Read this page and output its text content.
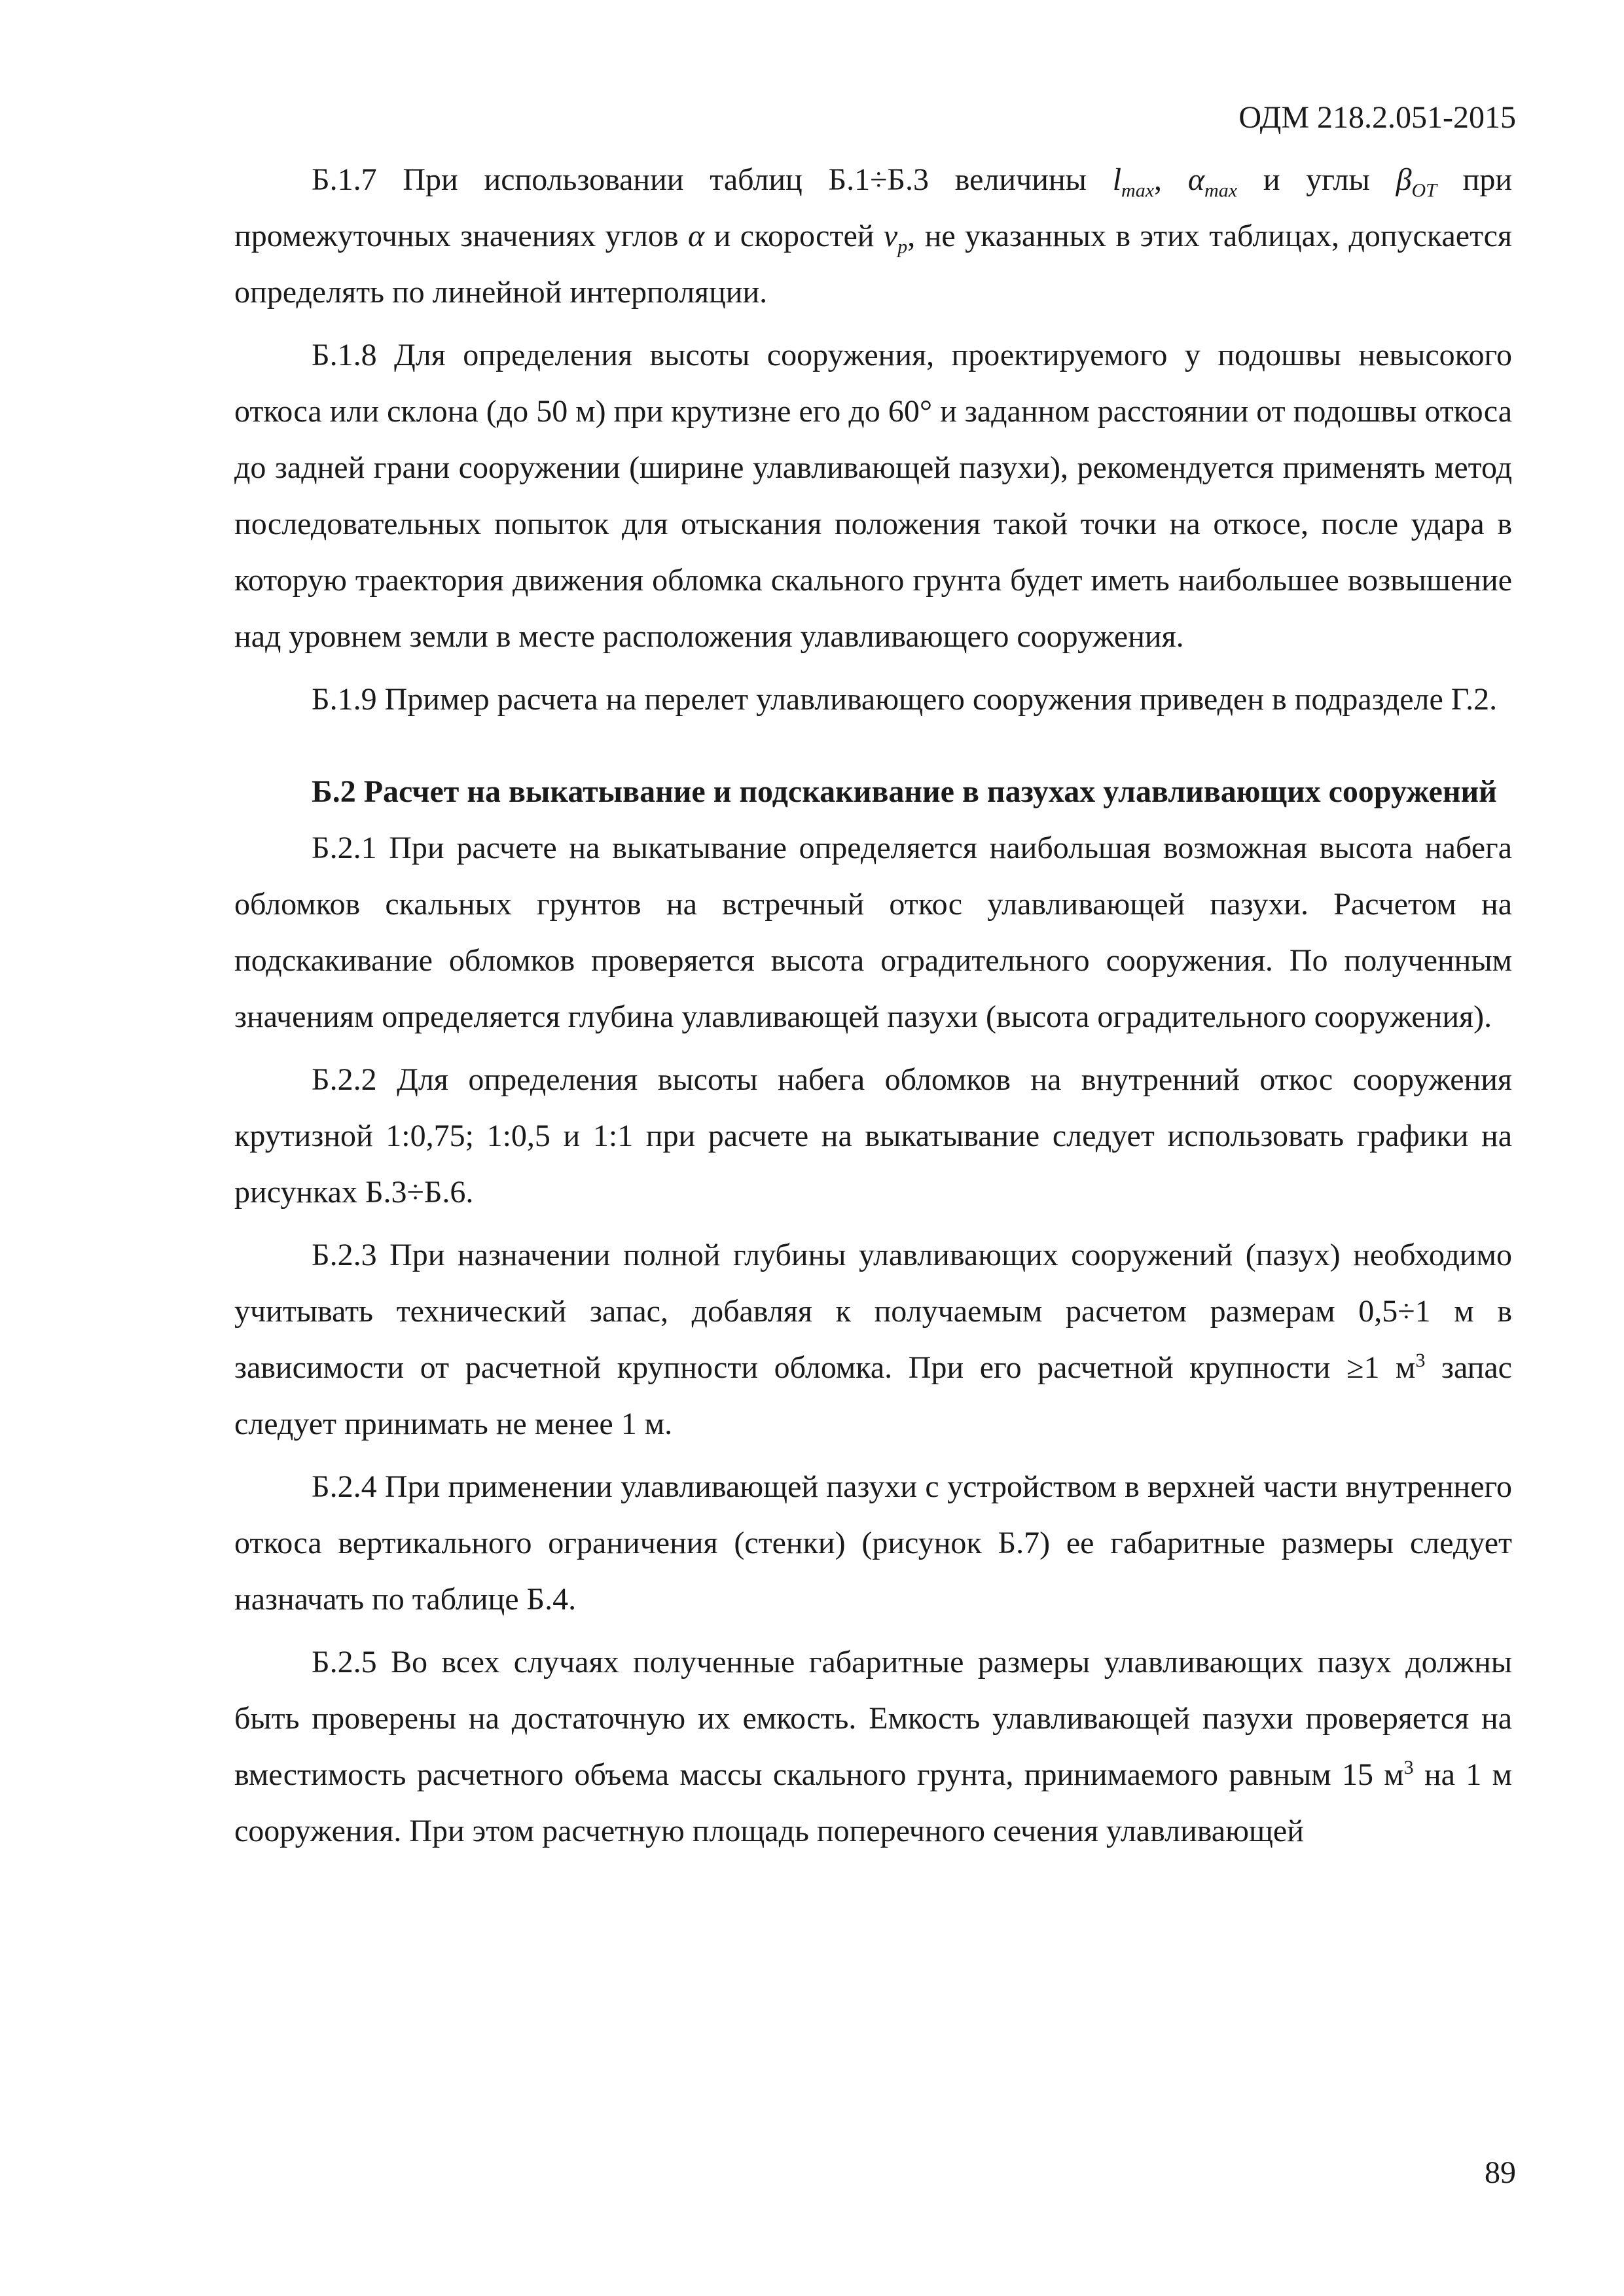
ОДМ 218.2.051-2015

Б.1.7 При использовании таблиц Б.1÷Б.3 величины $l_{max}$, $\alpha_{max}$ и углы $\beta_{OT}$ при промежуточных значениях углов α и скоростей $v_p$, не указанных в этих таблицах, допускается определять по линейной интерполяции.

Б.1.8 Для определения высоты сооружения, проектируемого у подошвы невысокого откоса или склона (до 50 м) при крутизне его до 60° и заданном расстоянии от подошвы откоса до задней грани сооружении (ширине улавливающей пазухи), рекомендуется применять метод последовательных попыток для отыскания положения такой точки на откосе, после удара в которую траектория движения обломка скального грунта будет иметь наибольшее возвышение над уровнем земли в месте расположения улавливающего сооружения.

Б.1.9 Пример расчета на перелет улавливающего сооружения приведен в подразделе Г.2.

Б.2 Расчет на выкатывание и подскакивание в пазухах улавливающих сооружений

Б.2.1 При расчете на выкатывание определяется наибольшая возможная высота набега обломков скальных грунтов на встречный откос улавливающей пазухи. Расчетом на подскакивание обломков проверяется высота оградительного сооружения. По полученным значениям определяется глубина улавливающей пазухи (высота оградительного сооружения).

Б.2.2 Для определения высоты набега обломков на внутренний откос сооружения крутизной 1:0,75; 1:0,5 и 1:1 при расчете на выкатывание следует использовать графики на рисунках Б.3÷Б.6.

Б.2.3 При назначении полной глубины улавливающих сооружений (пазух) необходимо учитывать технический запас, добавляя к получаемым расчетом размерам 0,5÷1 м в зависимости от расчетной крупности обломка. При его расчетной крупности ≥1 $м^3$ запас следует принимать не менее 1 м.

Б.2.4 При применении улавливающей пазухи с устройством в верхней части внутреннего откоса вертикального ограничения (стенки) (рисунок Б.7) ее габаритные размеры следует назначать по таблице Б.4.

Б.2.5 Во всех случаях полученные габаритные размеры улавливающих пазух должны быть проверены на достаточную их емкость. Емкость улавливающей пазухи проверяется на вместимость расчетного объема массы скального грунта, принимаемого равным 15 $м^3$ на 1 м сооружения. При этом расчетную площадь поперечного сечения улавливающей

89
